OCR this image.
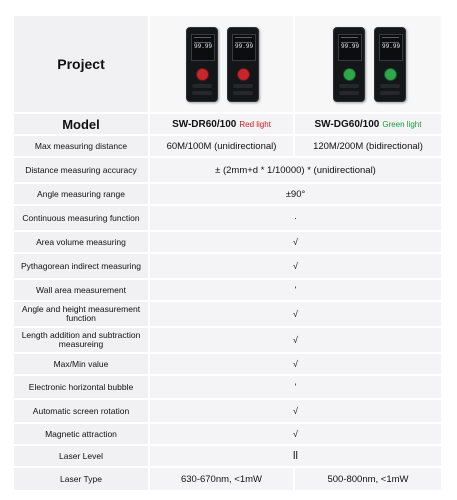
Project
99.99	99.99	99.99	99.99
Model	SW-DR60/100 Red light	SW-DG60/100 Green light
Max measuring distance	60M/100M (unidirectional)	120M/200M (bidirectional)
Distance measuring accuracy	± (2mm+d * 1/10000) * (unidirectional)
Angle measuring range	±90°
Continuous measuring function	·
Area volume measuring	√
Pythagorean indirect measuring	√
Wall area measurement	'
Angle and height measurement function	√
Length addition and subtraction measureing	√
Max/Min value	√
Electronic horizontal bubble	'
Automatic screen rotation	√
Magnetic attraction	√
Laser Level	ll
Laser Type	630-670nm, <1mW	500-800nm, <1mW
